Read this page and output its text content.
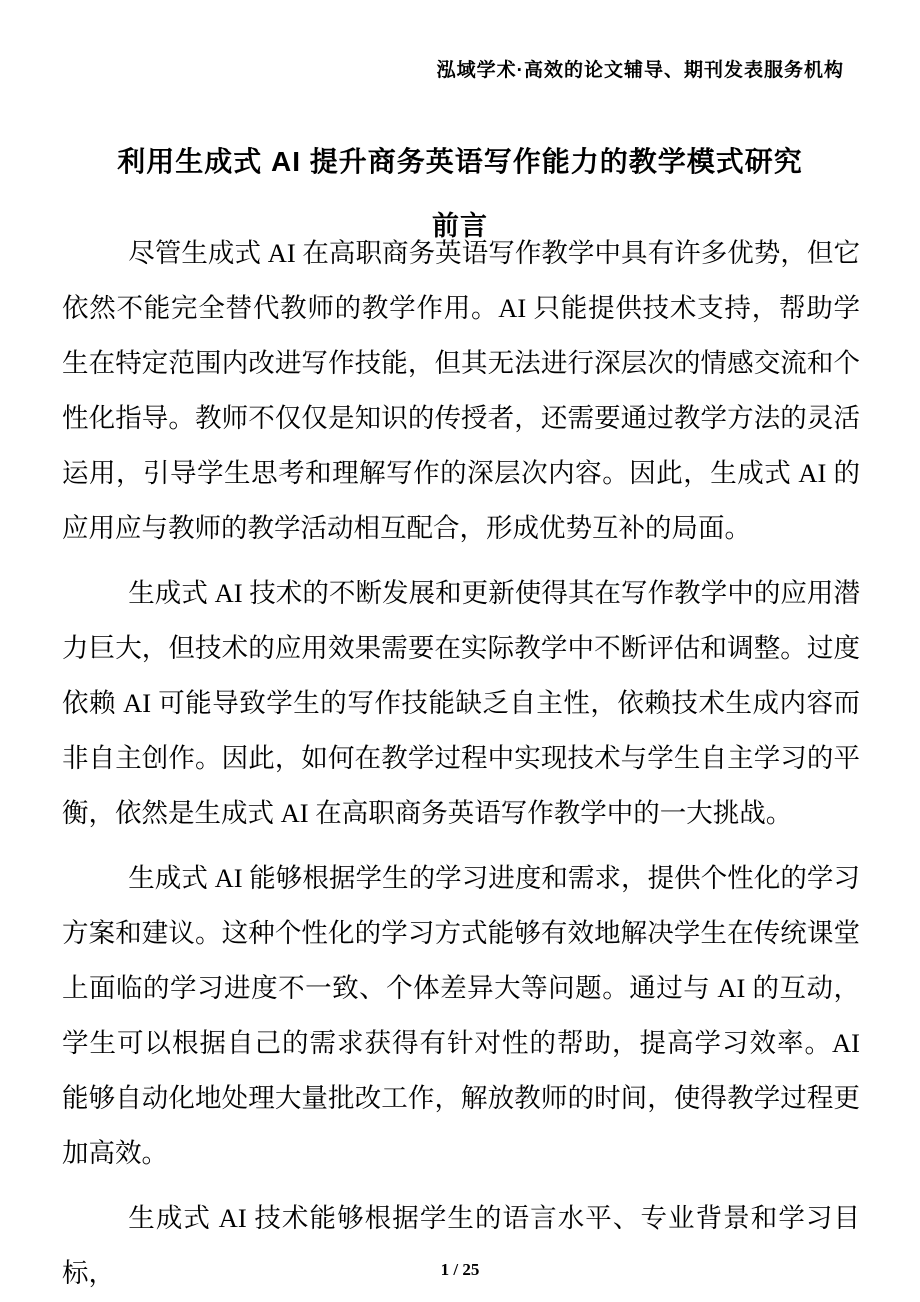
泓域学术·高效的论文辅导、期刊发表服务机构
利用生成式 AI 提升商务英语写作能力的教学模式研究
前言

尽管生成式 AI 在高职商务英语写作教学中具有许多优势，但它依然不能完全替代教师的教学作用。AI 只能提供技术支持，帮助学生在特定范围内改进写作技能，但其无法进行深层次的情感交流和个性化指导。教师不仅仅是知识的传授者，还需要通过教学方法的灵活运用，引导学生思考和理解写作的深层次内容。因此，生成式 AI 的应用应与教师的教学活动相互配合，形成优势互补的局面。

生成式 AI 技术的不断发展和更新使得其在写作教学中的应用潜力巨大，但技术的应用效果需要在实际教学中不断评估和调整。过度依赖 AI 可能导致学生的写作技能缺乏自主性，依赖技术生成内容而非自主创作。因此，如何在教学过程中实现技术与学生自主学习的平衡，依然是生成式 AI 在高职商务英语写作教学中的一大挑战。

生成式 AI 能够根据学生的学习进度和需求，提供个性化的学习方案和建议。这种个性化的学习方式能够有效地解决学生在传统课堂上面临的学习进度不一致、个体差异大等问题。通过与 AI 的互动，学生可以根据自己的需求获得有针对性的帮助，提高学习效率。AI 能够自动化地处理大量批改工作，解放教师的时间，使得教学过程更加高效。

生成式 AI 技术能够根据学生的语言水平、专业背景和学习目标，	1 / 25
